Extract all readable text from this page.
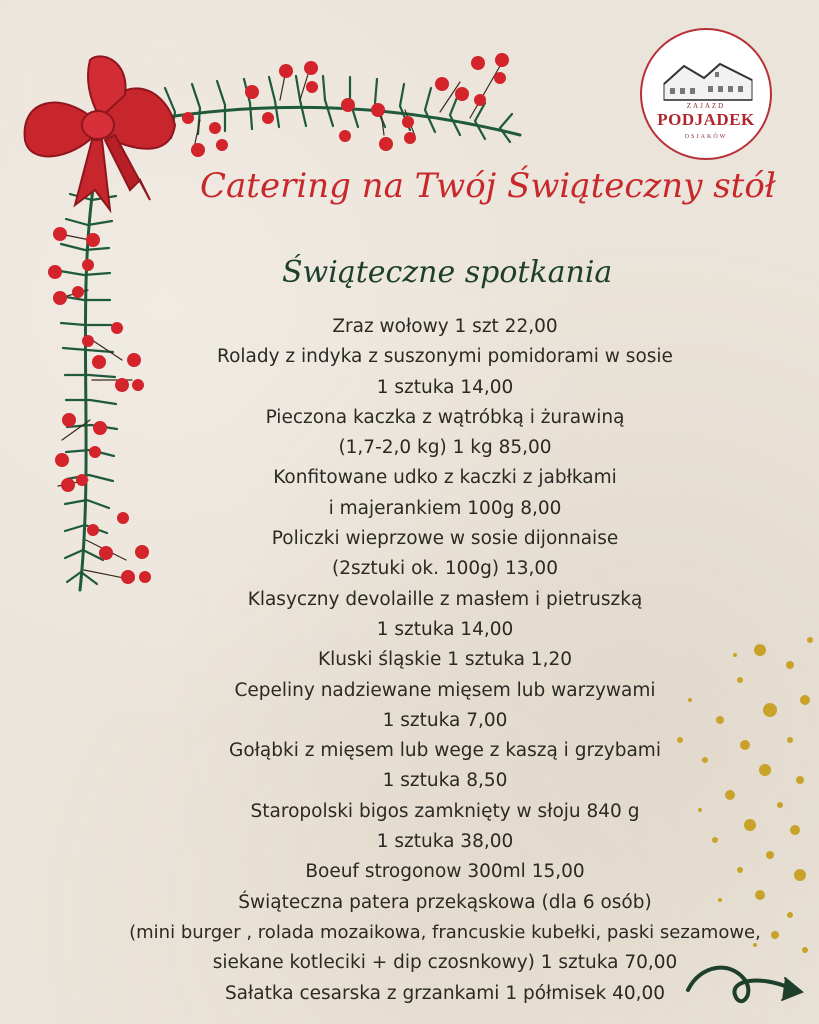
ZAJAZD
PODJADEK
OSJAKÓW
Catering na Twój Świąteczny stół
Świąteczne spotkania
Zraz wołowy 1 szt 22,00
Rolady z indyka z suszonymi pomidorami w sosie
1 sztuka 14,00
Pieczona kaczka z wątróbką i żurawiną
(1,7-2,0 kg) 1 kg 85,00
Konfitowane udko z kaczki z jabłkami
i majerankiem 100g 8,00
Policzki wieprzowe w sosie dijonnaise
(2sztuki ok. 100g) 13,00
Klasyczny devolaille z masłem i pietruszką
1 sztuka 14,00
Kluski śląskie 1 sztuka 1,20
Cepeliny nadziewane mięsem lub warzywami
1 sztuka 7,00
Gołąbki z mięsem lub wege z kaszą i grzybami
1 sztuka 8,50
Staropolski bigos zamknięty w słoju 840 g
1 sztuka 38,00
Boeuf strogonow 300ml 15,00
Świąteczna patera przekąskowa (dla 6 osób)
(mini burger , rolada mozaikowa, francuskie kubełki, paski sezamowe,
siekane kotleciki + dip czosnkowy) 1 sztuka 70,00
Sałatka cesarska z grzankami 1 półmisek 40,00
